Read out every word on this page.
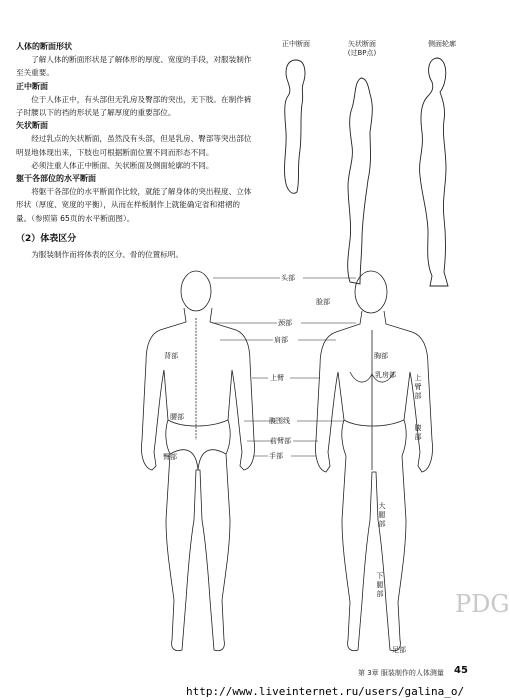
人体的断面形状

了解人体的断面形状是了解体形的厚度、宽度的手段，对服装制作至关重要。

正中断面

位于人体正中，有头部但无乳房及臀部的突出，无下肢。在制作裤子时腰以下的裆的形状是了解厚度的重要部位。

矢状断面

经过乳点的矢状断面，虽然没有头部，但是乳房、臀部等突出部位明显地体现出来，下肢也可根据断面位置不同而形态不同。

必须注重人体正中断面、矢状断面及侧面轮廓的不同。

躯干各部位的水平断面

将躯干各部位的水平断面作比较，就能了解身体的突出程度、立体形状（厚度、宽度的平衡），从而在样板制作上就能确定省和裙褶的量。（参照第 65页的水平断面图）。

（2）体表区分

为服装制作而将体表的区分、骨的位置标明。

正中断面	矢状断面
(过BP点)
侧面轮廓
头部
脸部
颈部
肩部
上臂
背部	胸部
乳房部
腰部	腹围线
前臂部
手部
臀部
上臂部
腹部
大腿部
下腿部
足部
PDG
第 3章 服装制作的人体测量 45
http://www.liveinternet.ru/users/galina_o/
